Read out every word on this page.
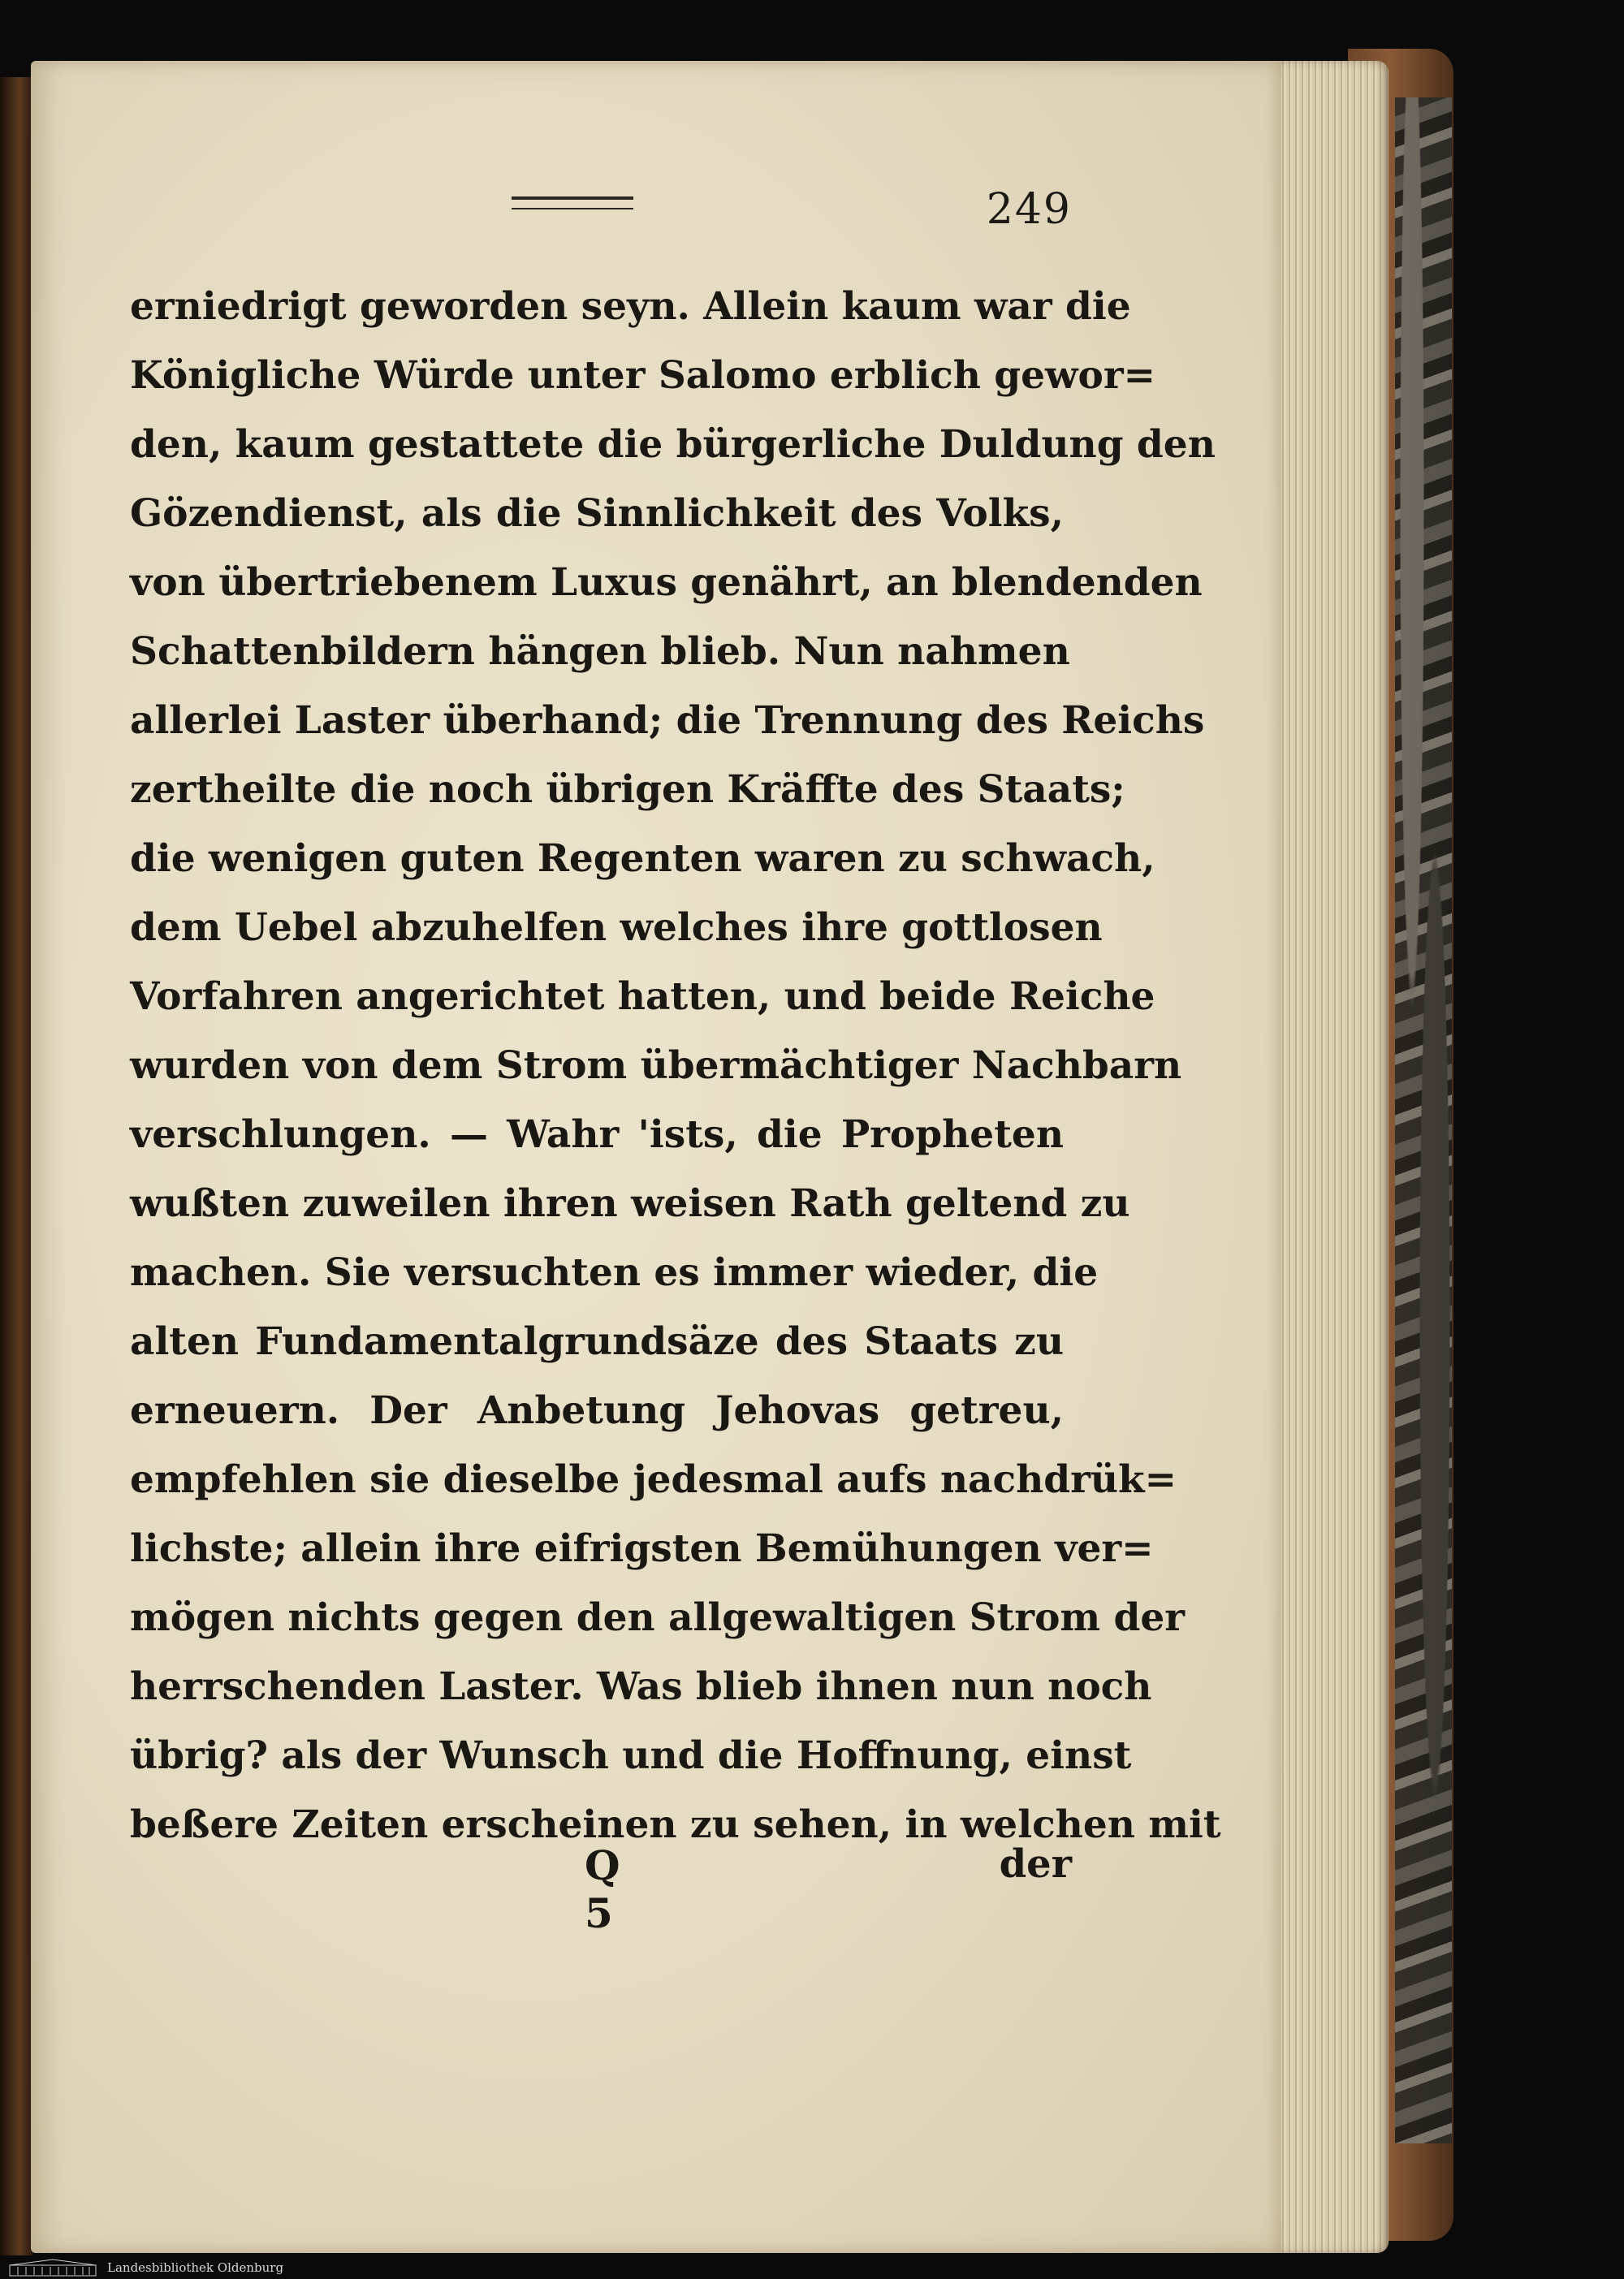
249
erniedrigt geworden seyn. Allein kaum war die
Königliche Würde unter Salomo erblich gewor=
den, kaum gestattete die bürgerliche Duldung den
Gözendienst, als die Sinnlichkeit des Volks,
von übertriebenem Luxus genährt, an blendenden
Schattenbildern hängen blieb. Nun nahmen
allerlei Laster überhand; die Trennung des Reichs
zertheilte die noch übrigen Kräffte des Staats;
die wenigen guten Regenten waren zu schwach,
dem Uebel abzuhelfen welches ihre gottlosen
Vorfahren angerichtet hatten, und beide Reiche
wurden von dem Strom übermächtiger Nachbarn
verschlungen. — Wahr 'ists, die Propheten
wußten zuweilen ihren weisen Rath geltend zu
machen. Sie versuchten es immer wieder, die
alten Fundamentalgrundsäze des Staats zu
erneuern. Der Anbetung Jehovas getreu,
empfehlen sie dieselbe jedesmal aufs nachdrük=
lichste; allein ihre eifrigsten Bemühungen ver=
mögen nichts gegen den allgewaltigen Strom der
herrschenden Laster. Was blieb ihnen nun noch
übrig? als der Wunsch und die Hoffnung, einst
beßere Zeiten erscheinen zu sehen, in welchen mit
Q 5
der
Landesbibliothek Oldenburg
